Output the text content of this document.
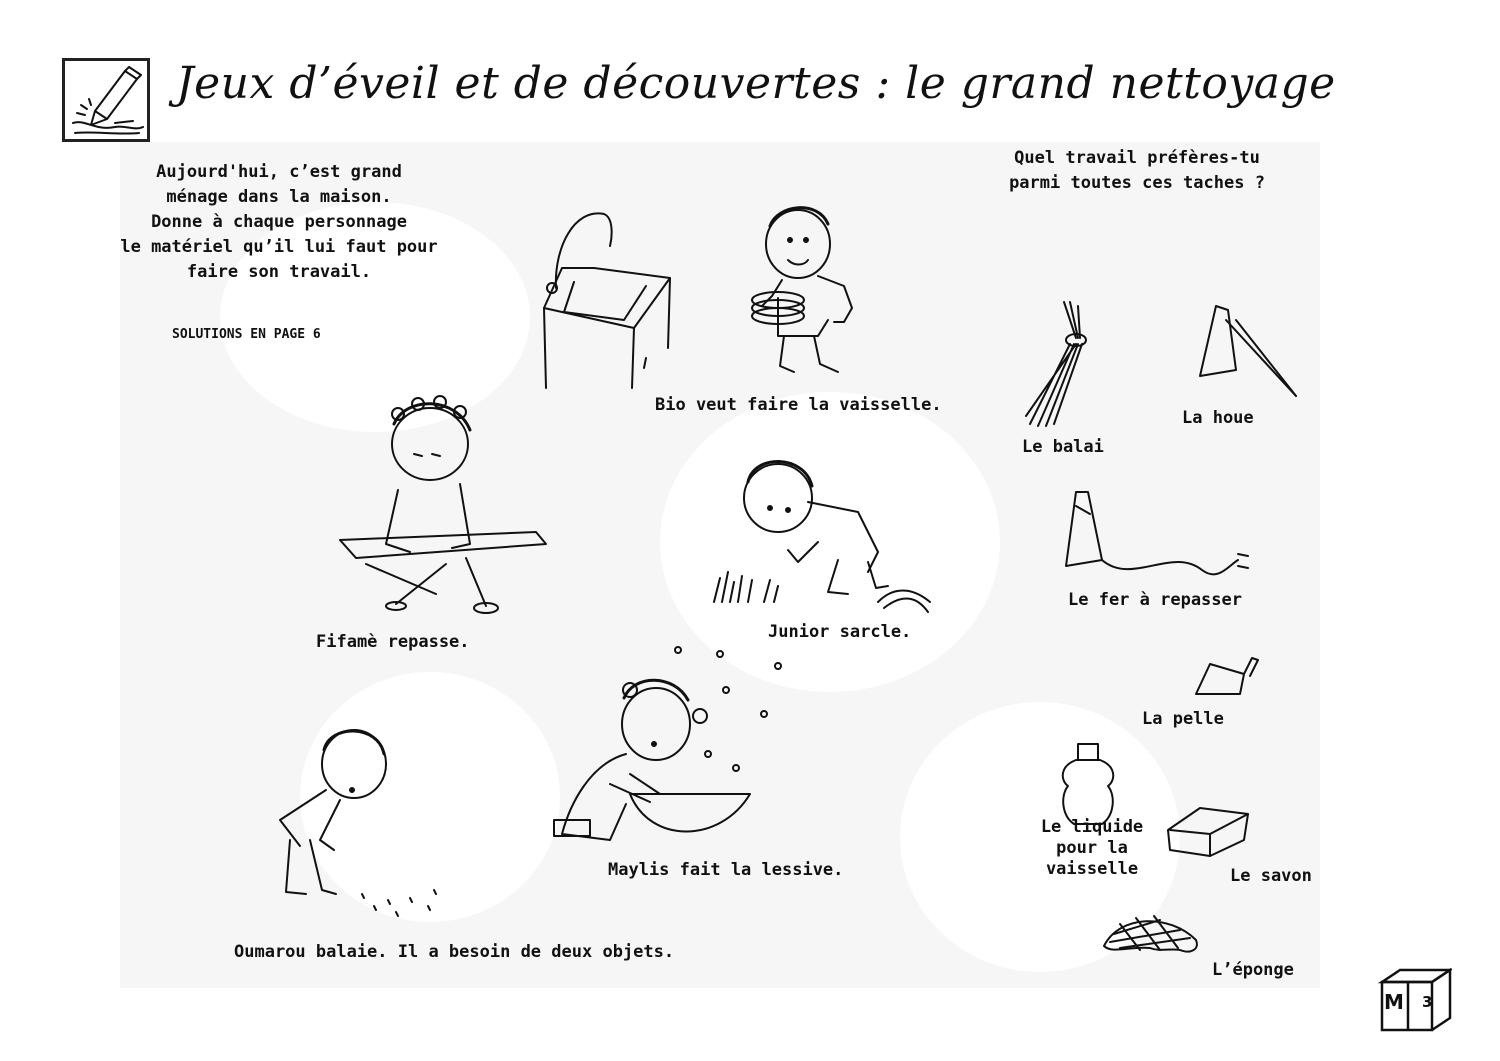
Jeux d’éveil et de découvertes : le grand nettoyage
Aujourd'hui, c’est grand
ménage dans la maison.
Donne à chaque personnage
le matériel qu’il lui faut pour
faire son travail.
SOLUTIONS EN PAGE 6
Quel travail préfères-tu
parmi toutes ces taches ?
Bio veut faire la vaisselle.
Fifamè repasse.	Junior sarcle.
Maylis fait la lessive.
Oumarou balaie. Il a besoin de deux objets.
Le balai
La houe
Le fer à repasser
La pelle
Le liquide
pour la
vaisselle	Le savon
L’éponge
M 3
